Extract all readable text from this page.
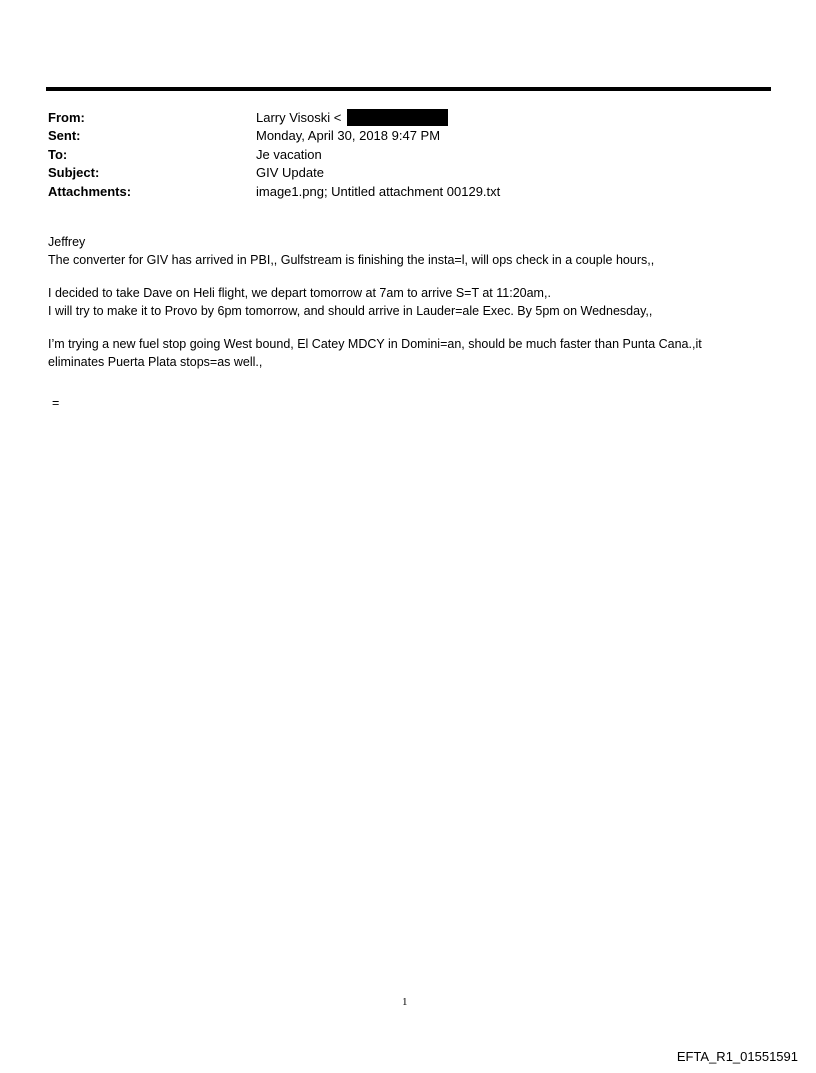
From:	Larry Visoski <
Sent:	Monday, April 30, 2018 9:47 PM
To:	Je vacation
Subject:	GIV Update
Attachments:	image1.png; Untitled attachment 00129.txt

Jeffrey

The converter for GIV has arrived in PBI,, Gulfstream is finishing the insta=l, will ops check in a couple hours,,

I decided to take Dave on Heli flight, we depart tomorrow at 7am to arrive S=T at 11:20am,.

I will try to make it to Provo by 6pm tomorrow, and should arrive in Lauder=ale Exec. By 5pm on Wednesday,,

I’m trying a new fuel stop going West bound, El Catey MDCY in Domini=an, should be much faster than Punta Cana.,it

eliminates Puerta Plata stops=as well.,

=
1
EFTA_R1_01551591
